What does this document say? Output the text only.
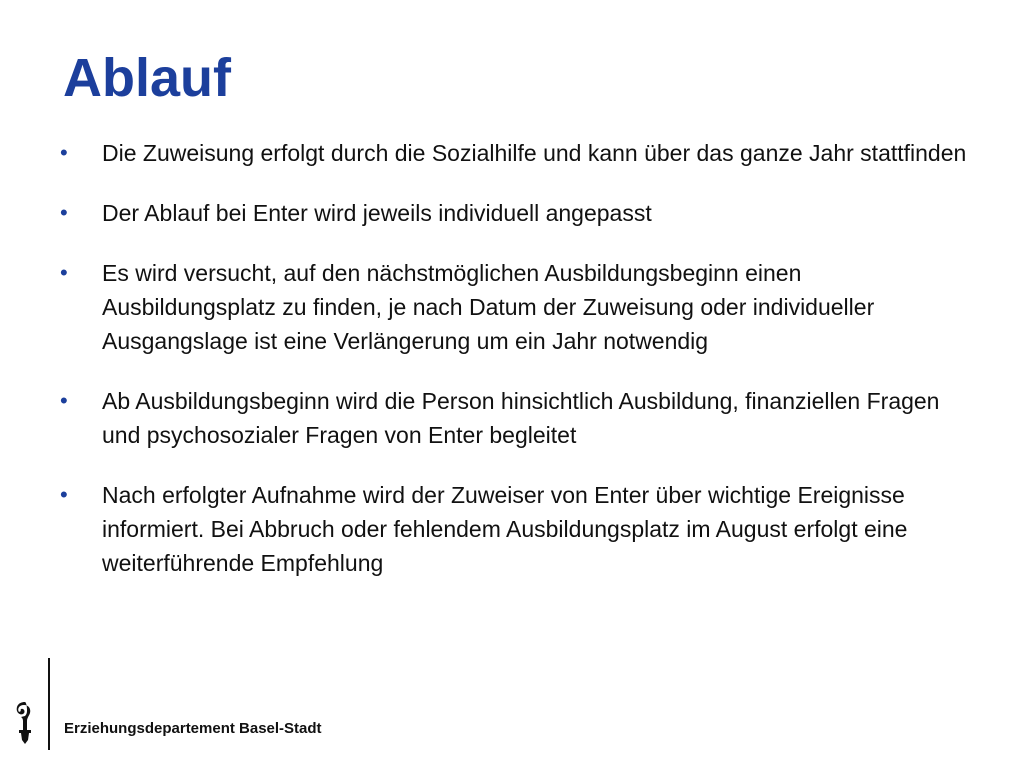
Ablauf
•	Die Zuweisung erfolgt durch die Sozialhilfe und kann über das ganze Jahr stattfinden
•	Der Ablauf bei Enter wird jeweils individuell angepasst
•	Es wird versucht, auf den nächstmöglichen Ausbildungsbeginn einen Ausbildungsplatz zu finden, je nach Datum der Zuweisung oder individueller Ausgangslage ist eine Verlängerung um ein Jahr notwendig
•	Ab Ausbildungsbeginn wird die Person hinsichtlich Ausbildung, finanziellen Fragen und psychosozialer Fragen von Enter begleitet
•	Nach erfolgter Aufnahme wird der Zuweiser von Enter über wichtige Ereignisse informiert. Bei Abbruch oder fehlendem Ausbildungsplatz im August erfolgt eine weiterführende Empfehlung
Erziehungsdepartement Basel-Stadt
